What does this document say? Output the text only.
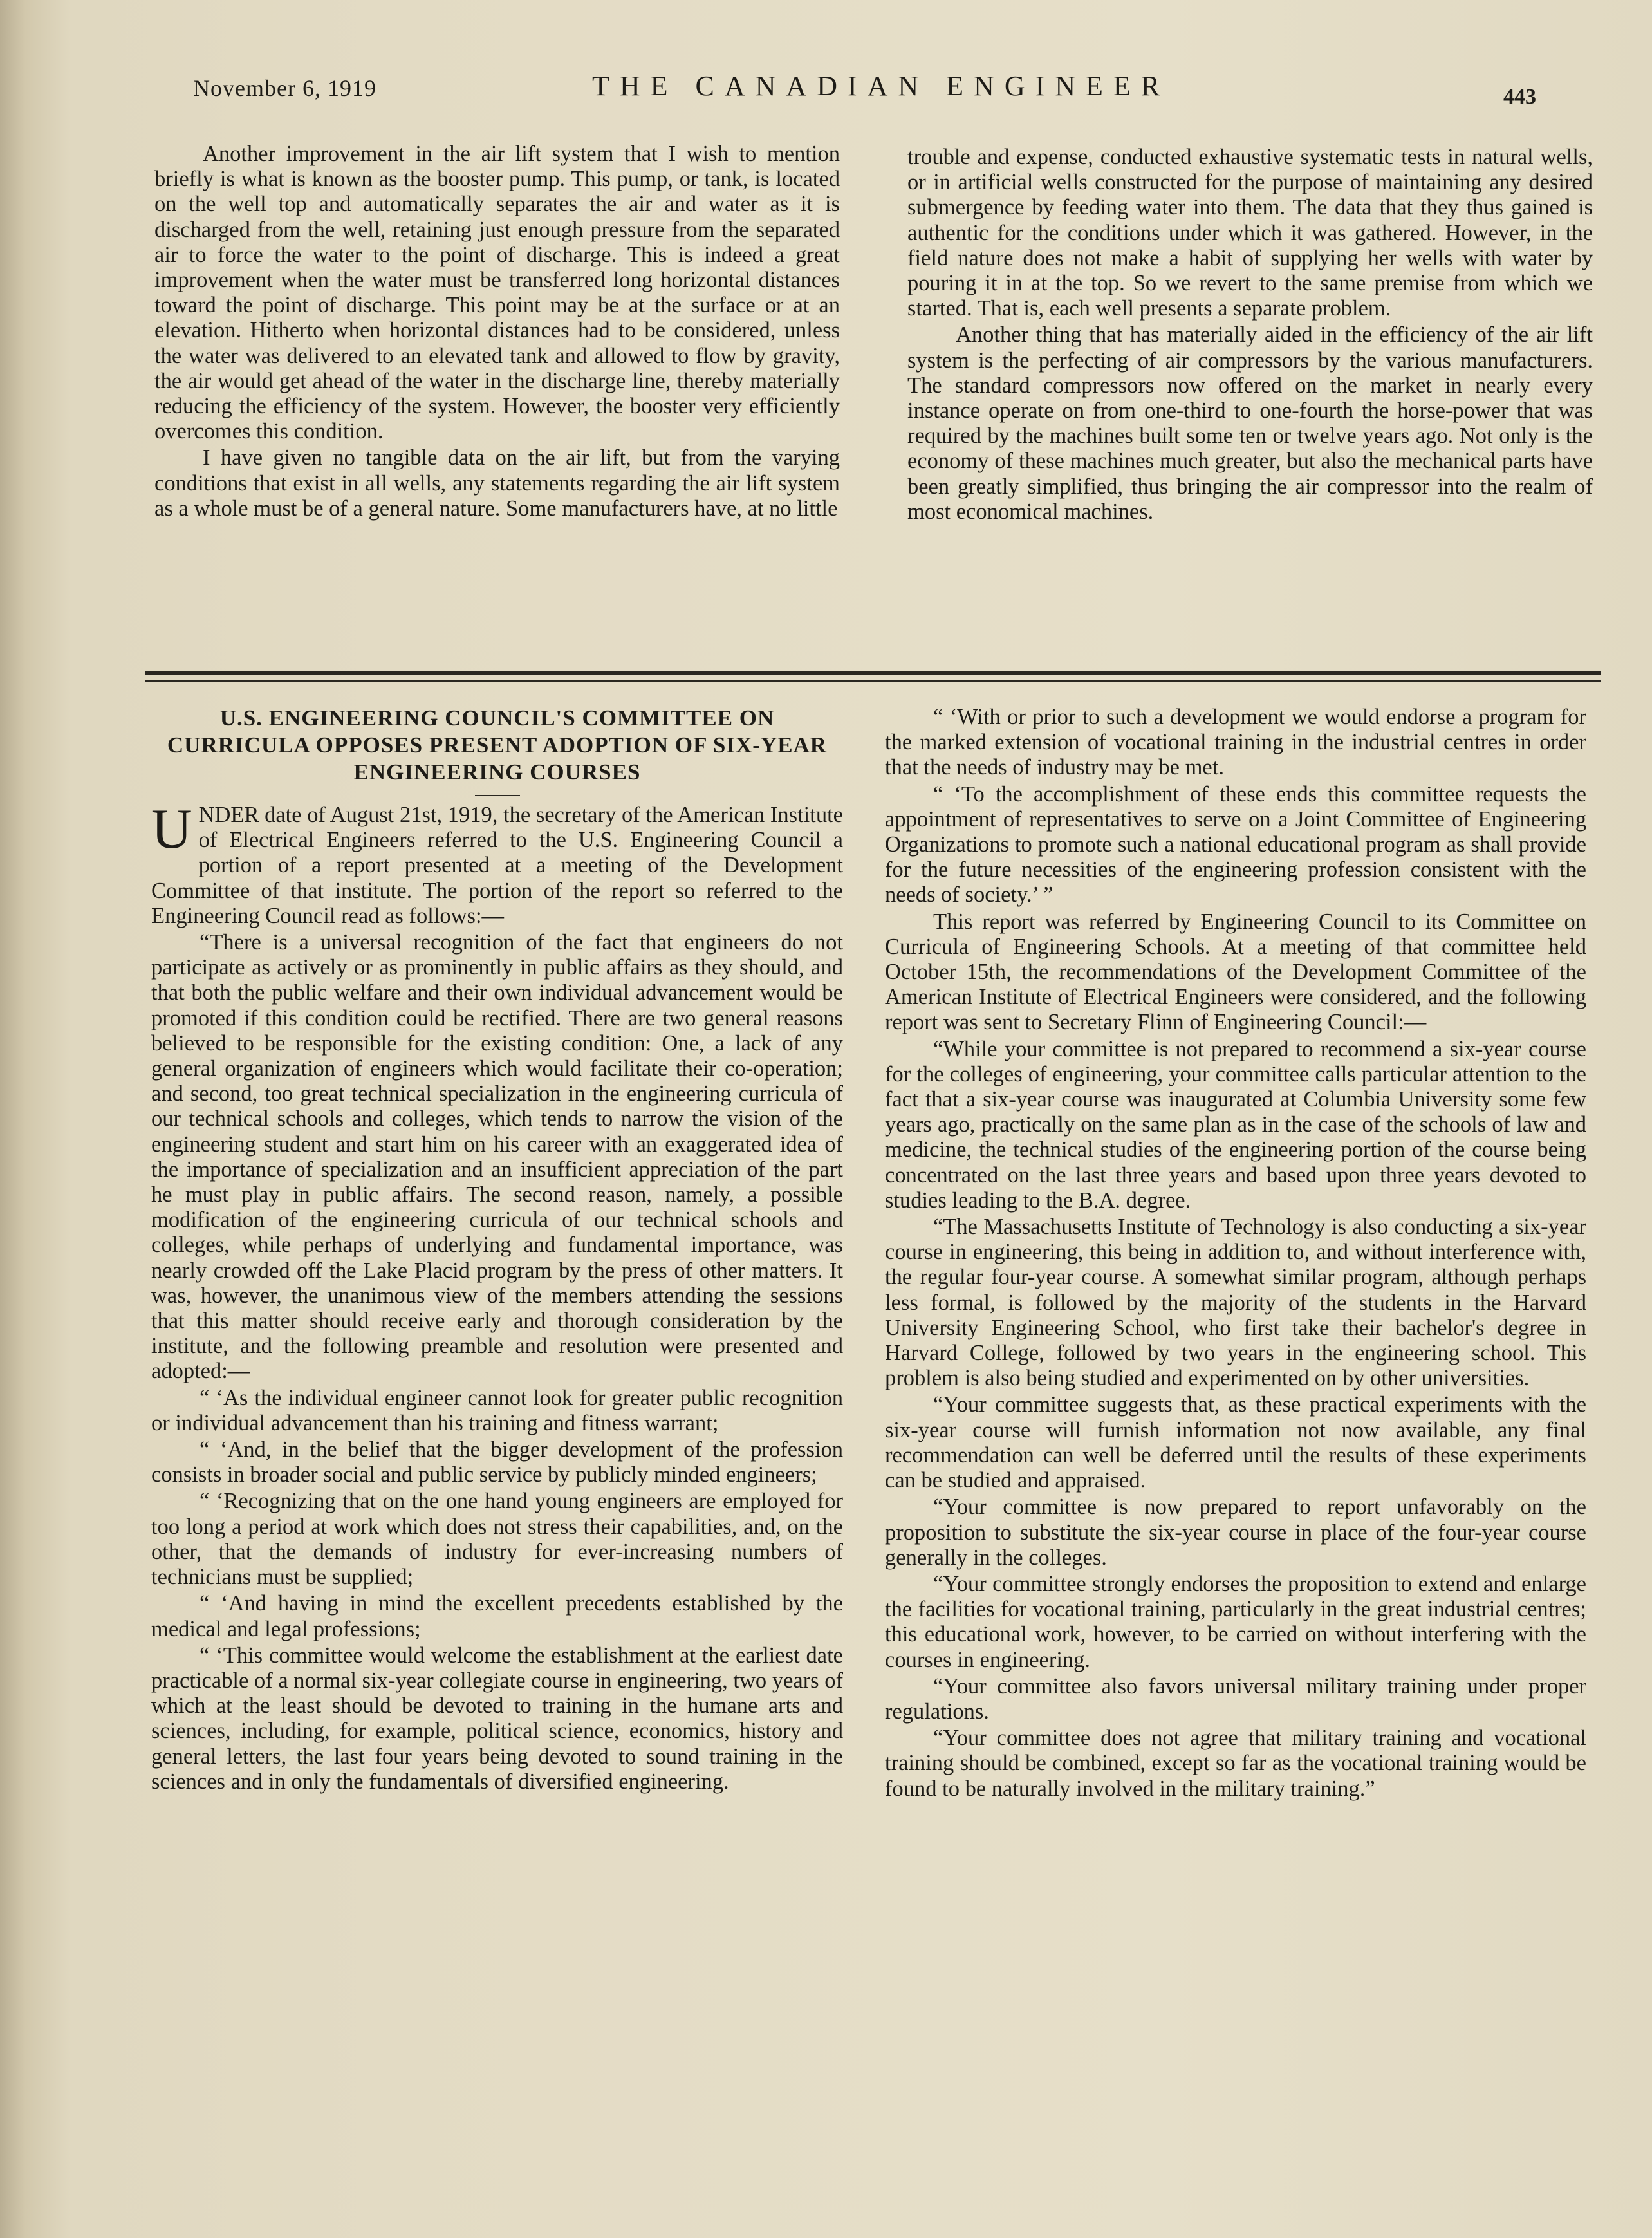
November 6, 1919	THE CANADIAN ENGINEER	443

Another improvement in the air lift system that I wish to mention briefly is what is known as the booster pump. This pump, or tank, is located on the well top and automatically separates the air and water as it is discharged from the well, retaining just enough pressure from the separated air to force the water to the point of discharge. This is indeed a great improvement when the water must be transferred long horizontal distances toward the point of discharge. This point may be at the surface or at an elevation. Hitherto when horizontal distances had to be considered, unless the water was delivered to an elevated tank and allowed to flow by gravity, the air would get ahead of the water in the discharge line, thereby materially reducing the efficiency of the system. However, the booster very efficiently overcomes this condition.

I have given no tangible data on the air lift, but from the varying conditions that exist in all wells, any statements regarding the air lift system as a whole must be of a general nature. Some manufacturers have, at no little

trouble and expense, conducted exhaustive systematic tests in natural wells, or in artificial wells constructed for the purpose of maintaining any desired submergence by feeding water into them. The data that they thus gained is authentic for the conditions under which it was gathered. However, in the field nature does not make a habit of supplying her wells with water by pouring it in at the top. So we revert to the same premise from which we started. That is, each well presents a separate problem.

Another thing that has materially aided in the efficiency of the air lift system is the perfecting of air compressors by the various manufacturers. The standard compressors now offered on the market in nearly every instance operate on from one-third to one-fourth the horse-power that was required by the machines built some ten or twelve years ago. Not only is the economy of these machines much greater, but also the mechanical parts have been greatly simplified, thus bringing the air compressor into the realm of most economical machines.

U.S. ENGINEERING COUNCIL'S COMMITTEE ON CURRICULA OPPOSES PRESENT ADOPTION OF SIX-YEAR ENGINEERING COURSES

UNDER date of August 21st, 1919, the secretary of the American Institute of Electrical Engineers referred to the U.S. Engineering Council a portion of a report presented at a meeting of the Development Committee of that institute. The portion of the report so referred to the Engineering Council read as follows:—

“There is a universal recognition of the fact that engineers do not participate as actively or as prominently in public affairs as they should, and that both the public welfare and their own individual advancement would be promoted if this condition could be rectified. There are two general reasons believed to be responsible for the existing condition: One, a lack of any general organization of engineers which would facilitate their co-operation; and second, too great technical specialization in the engineering curricula of our technical schools and colleges, which tends to narrow the vision of the engineering student and start him on his career with an exaggerated idea of the importance of specialization and an insufficient appreciation of the part he must play in public affairs. The second reason, namely, a possible modification of the engineering curricula of our technical schools and colleges, while perhaps of underlying and fundamental importance, was nearly crowded off the Lake Placid program by the press of other matters. It was, however, the unanimous view of the members attending the sessions that this matter should receive early and thorough consideration by the institute, and the following preamble and resolution were presented and adopted:—

“ ‘As the individual engineer cannot look for greater public recognition or individual advancement than his training and fitness warrant;

“ ‘And, in the belief that the bigger development of the profession consists in broader social and public service by publicly minded engineers;

“ ‘Recognizing that on the one hand young engineers are employed for too long a period at work which does not stress their capabilities, and, on the other, that the demands of industry for ever-increasing numbers of technicians must be supplied;

“ ‘And having in mind the excellent precedents established by the medical and legal professions;

“ ‘This committee would welcome the establishment at the earliest date practicable of a normal six-year collegiate course in engineering, two years of which at the least should be devoted to training in the humane arts and sciences, including, for example, political science, economics, history and general letters, the last four years being devoted to sound training in the sciences and in only the fundamentals of diversified engineering.

“ ‘With or prior to such a development we would endorse a program for the marked extension of vocational training in the industrial centres in order that the needs of industry may be met.

“ ‘To the accomplishment of these ends this committee requests the appointment of representatives to serve on a Joint Committee of Engineering Organizations to promote such a national educational program as shall provide for the future necessities of the engineering profession consistent with the needs of society.’ ”

This report was referred by Engineering Council to its Committee on Curricula of Engineering Schools. At a meeting of that committee held October 15th, the recommendations of the Development Committee of the American Institute of Electrical Engineers were considered, and the following report was sent to Secretary Flinn of Engineering Council:—

“While your committee is not prepared to recommend a six-year course for the colleges of engineering, your committee calls particular attention to the fact that a six-year course was inaugurated at Columbia University some few years ago, practically on the same plan as in the case of the schools of law and medicine, the technical studies of the engineering portion of the course being concentrated on the last three years and based upon three years devoted to studies leading to the B.A. degree.

“The Massachusetts Institute of Technology is also conducting a six-year course in engineering, this being in addition to, and without interference with, the regular four-year course. A somewhat similar program, although perhaps less formal, is followed by the majority of the students in the Harvard University Engineering School, who first take their bachelor's degree in Harvard College, followed by two years in the engineering school. This problem is also being studied and experimented on by other universities.

“Your committee suggests that, as these practical experiments with the six-year course will furnish information not now available, any final recommendation can well be deferred until the results of these experiments can be studied and appraised.

“Your committee is now prepared to report unfavorably on the proposition to substitute the six-year course in place of the four-year course generally in the colleges.

“Your committee strongly endorses the proposition to extend and enlarge the facilities for vocational training, particularly in the great industrial centres; this educational work, however, to be carried on without interfering with the courses in engineering.

“Your committee also favors universal military training under proper regulations.

“Your committee does not agree that military training and vocational training should be combined, except so far as the vocational training would be found to be naturally involved in the military training.”
